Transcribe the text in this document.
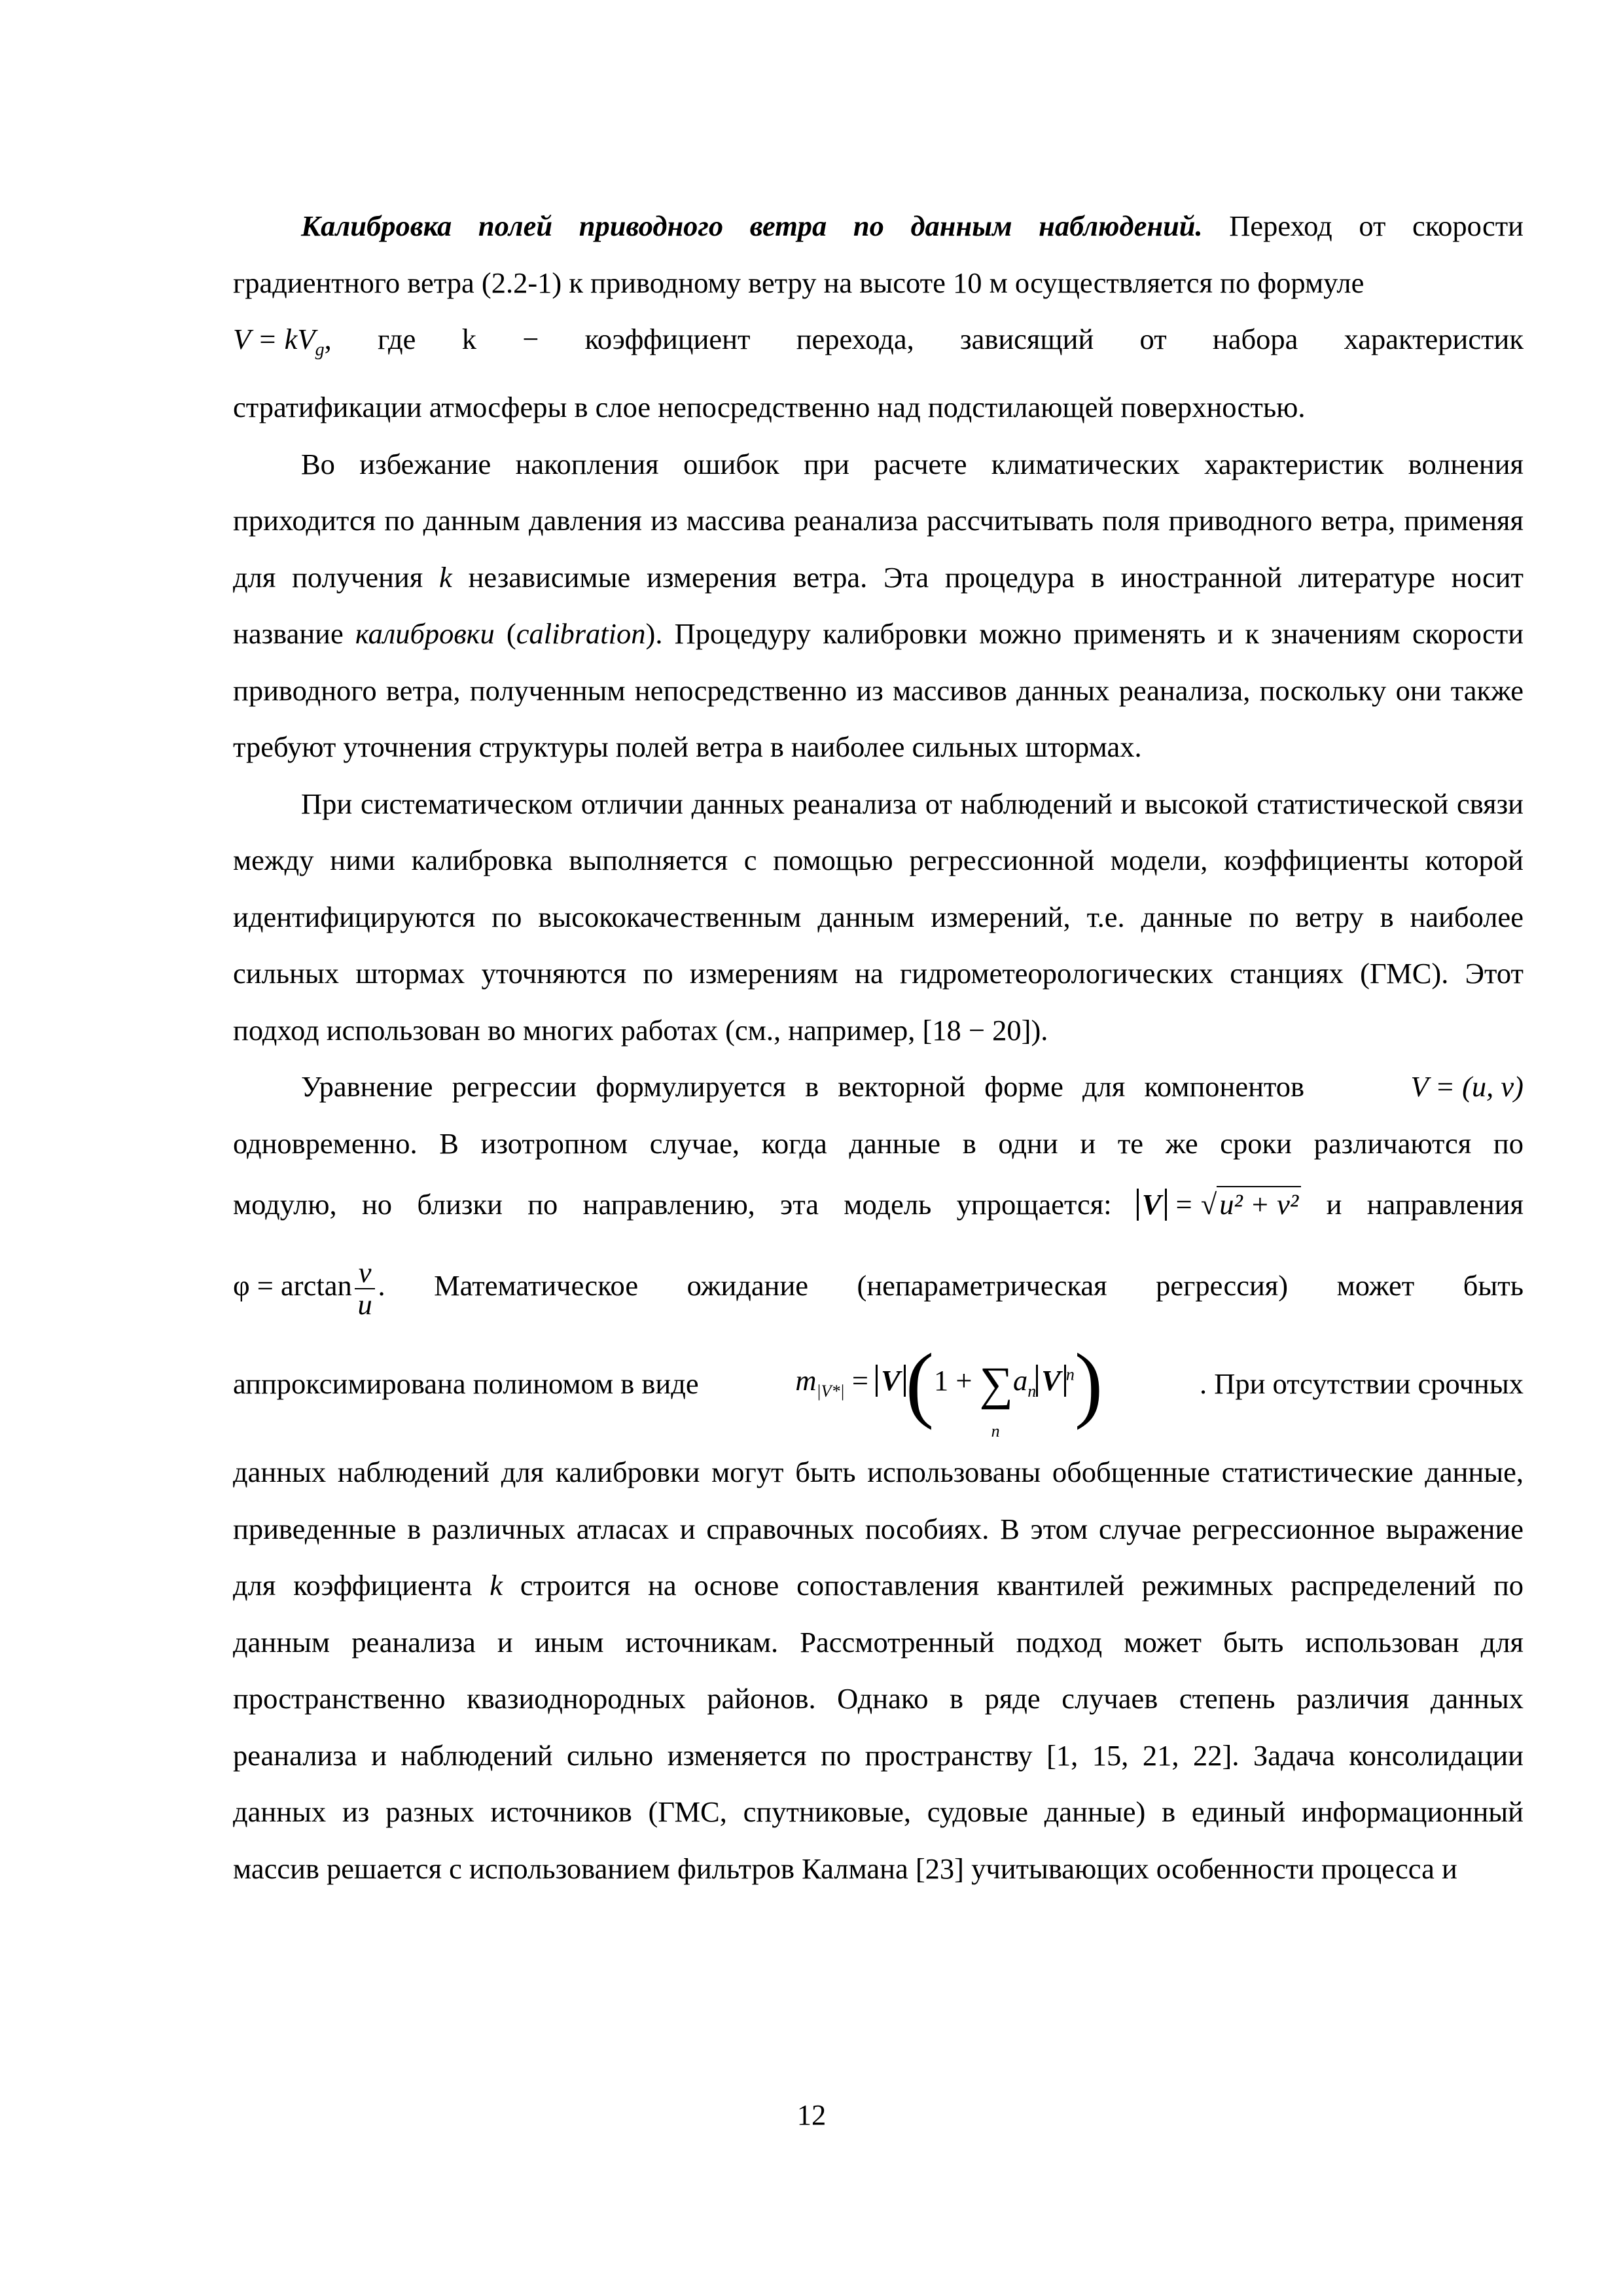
Калибровка полей приводного ветра по данным наблюдений. Переход от скорости градиентного ветра (2.2-1) к приводному ветру на высоте 10 м осуществляется по формуле

$V = kV_g$, где k − коэффициент перехода, зависящий от набора характеристик

стратификации атмосферы в слое непосредственно над подстилающей поверхностью.

Во избежание накопления ошибок при расчете климатических характеристик волнения приходится по данным давления из массива реанализа рассчитывать поля приводного ветра, применяя для получения k независимые измерения ветра. Эта процедура в иностранной литературе носит название калибровки (calibration). Процедуру калибровки можно применять и к значениям скорости приводного ветра, полученным непосредственно из массивов данных реанализа, поскольку они также требуют уточнения структуры полей ветра в наиболее сильных штормах.

При систематическом отличии данных реанализа от наблюдений и высокой статистической связи между ними калибровка выполняется с помощью регрессионной модели, коэффициенты которой идентифицируются по высококачественным данным измерений, т.е. данные по ветру в наиболее сильных штормах уточняются по измерениям на гидрометеорологических станциях (ГМС). Этот подход использован во многих работах (см., например, [18 − 20]).

Уравнение регрессии формулируется в векторной форме для компонентов	V = (u, v)

одновременно. В изотропном случае, когда данные в одни и те же сроки различаются по

модулю, но близки по направлению, эта модель упрощается: V = √u² + v² и направления
$\varphi = \arctan \frac{v}{u}$ . Математическое ожидание (непараметрическая регрессия) может быть
аппроксимирована полиномом в виде	$m_{|V*|} = V(1$ + ∑
n
$a_n$ V $^n$)	. При отсутствии срочных

данных наблюдений для калибровки могут быть использованы обобщенные статистические данные, приведенные в различных атласах и справочных пособиях. В этом случае регрессионное выражение для коэффициента k строится на основе сопоставления квантилей режимных распределений по данным реанализа и иным источникам. Рассмотренный подход может быть использован для пространственно квазиоднородных районов. Однако в ряде случаев степень различия данных реанализа и наблюдений сильно изменяется по пространству [1, 15, 21, 22]. Задача консолидации данных из разных источников (ГМС, спутниковые, судовые данные) в единый информационный массив решается с использованием фильтров Калмана [23] учитывающих особенности процесса и

12
